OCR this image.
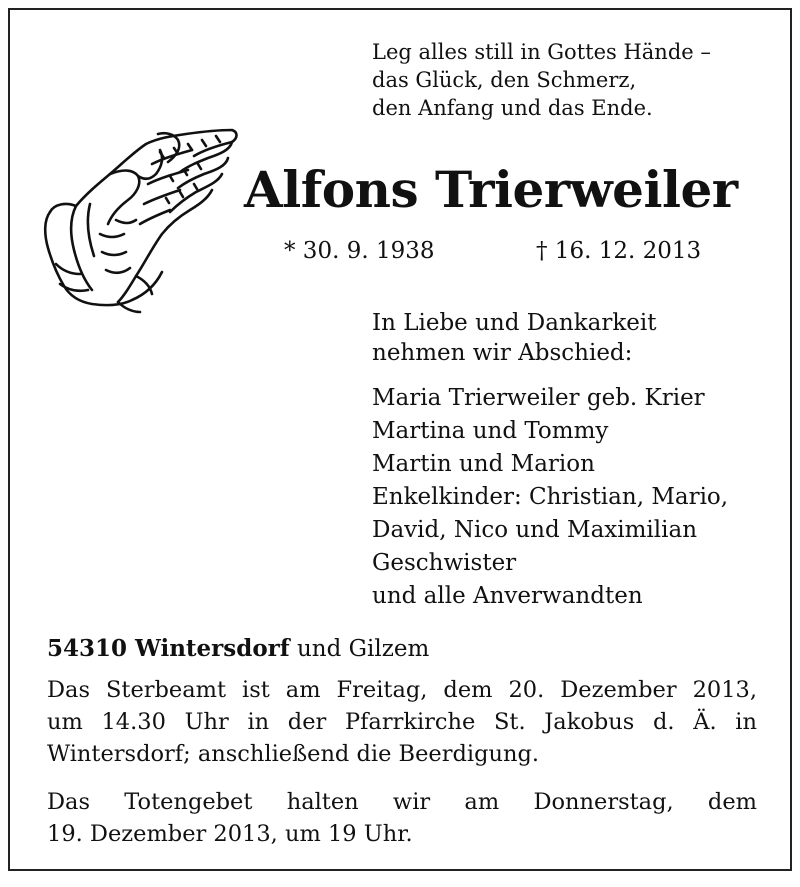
Leg alles still in Gottes Hände –
das Glück, den Schmerz,
den Anfang und das Ende.
Alfons Trierweiler
* 30. 9. 1938	† 16. 12. 2013
In Liebe und Dankarkeit
nehmen wir Abschied:
Maria Trierweiler geb. Krier
Martina und Tommy
Martin und Marion
Enkelkinder: Christian, Mario,
David, Nico und Maximilian
Geschwister
und alle Anverwandten
54310 Wintersdorf und Gilzem
Das Sterbeamt ist am Freitag, dem 20. Dezember 2013,
um 14.30 Uhr in der Pfarrkirche St. Jakobus d. Ä. in
Wintersdorf; anschließend die Beerdigung.
Das Totengebet halten wir am Donnerstag, dem
19. Dezember 2013, um 19 Uhr.
